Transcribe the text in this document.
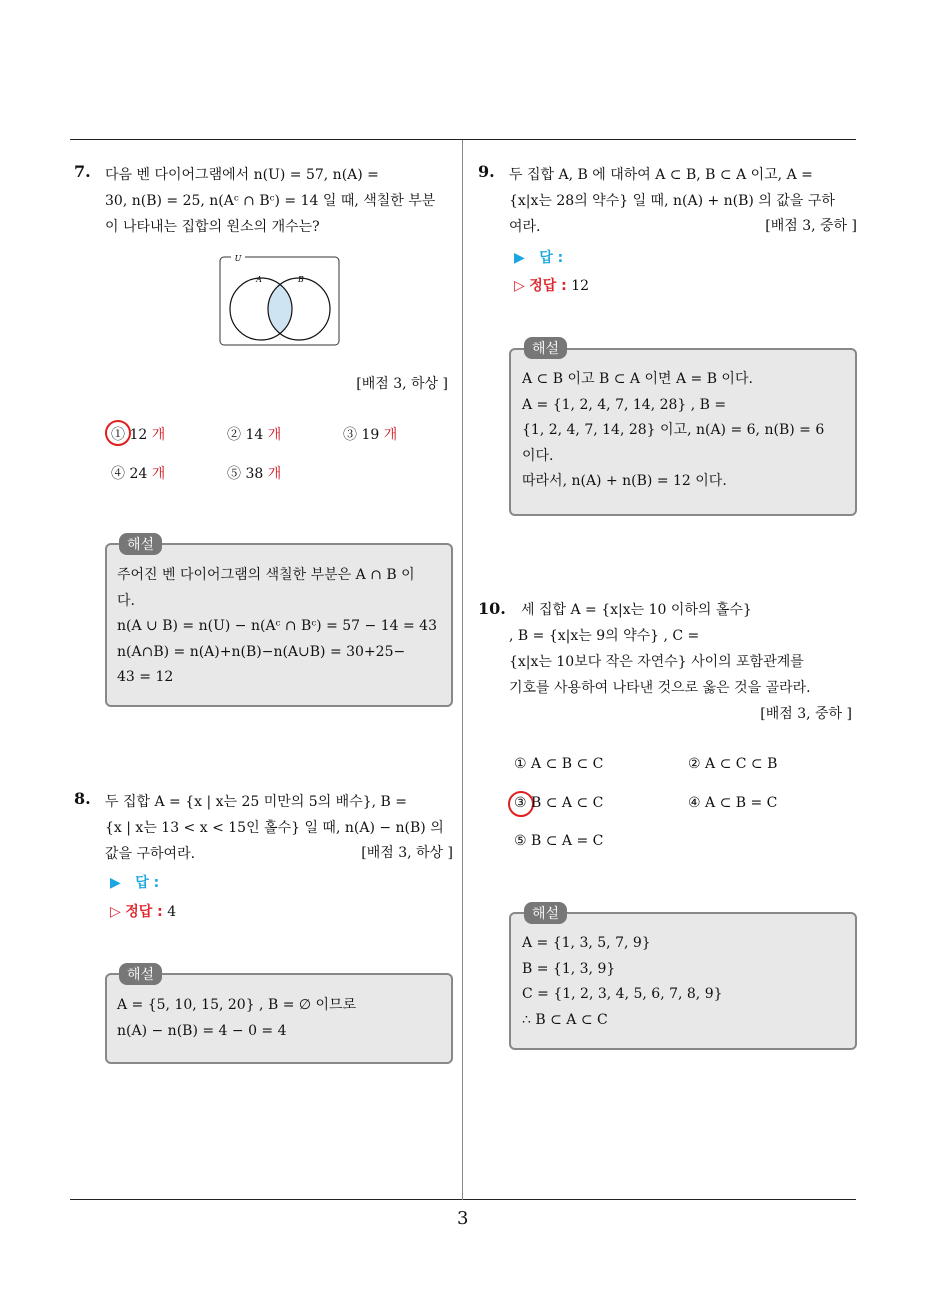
7. 다음 벤 다이어그램에서 n(U) = 57, n(A) =
30, n(B) = 25, n(Aᶜ ∩ Bᶜ) = 14 일 때, 색칠한 부분
이 나타내는 집합의 원소의 개수는?
U
A	B
[배점 3, 하상 ]
① 12 개	② 14 개	③ 19 개
④ 24 개	⑤ 38 개
해설
주어진 벤 다이어그램의 색칠한 부분은 A ∩ B 이
다.
n(A ∪ B) = n(U) − n(Aᶜ ∩ Bᶜ) = 57 − 14 = 43
n(A∩B) = n(A)+n(B)−n(A∪B) = 30+25−
43 = 12
8. 두 집합 A = {x | x는 25 미만의 5의 배수}, B =
{x | x는 13 < x < 15인 홀수} 일 때, n(A) − n(B) 의
값을 구하여라.	[배점 3, 하상 ]
▶ 답 :
▷ 정답 : 4
해설
A = {5, 10, 15, 20} , B = ∅ 이므로
n(A) − n(B) = 4 − 0 = 4
9. 두 집합 A, B 에 대하여 A ⊂ B, B ⊂ A 이고, A =
{x|x는 28의 약수} 일 때, n(A) + n(B) 의 값을 구하
여라.	[배점 3, 중하 ]
▶ 답 :
▷ 정답 : 12
해설
A ⊂ B 이고 B ⊂ A 이면 A = B 이다.
A = {1, 2, 4, 7, 14, 28} , B =
{1, 2, 4, 7, 14, 28} 이고, n(A) = 6, n(B) = 6
이다.
따라서, n(A) + n(B) = 12 이다.
10.	세 집합 A = {x|x는 10 이하의 홀수}
, B = {x|x는 9의 약수} , C =
{x|x는 10보다 작은 자연수} 사이의 포함관계를
기호를 사용하여 나타낸 것으로 옳은 것을 골라라.
[배점 3, 중하 ]
① A ⊂ B ⊂ C	② A ⊂ C ⊂ B
③ B ⊂ A ⊂ C	④ A ⊂ B = C
⑤ B ⊂ A = C
해설
A = {1, 3, 5, 7, 9}
B = {1, 3, 9}
C = {1, 2, 3, 4, 5, 6, 7, 8, 9}
∴ B ⊂ A ⊂ C
3
